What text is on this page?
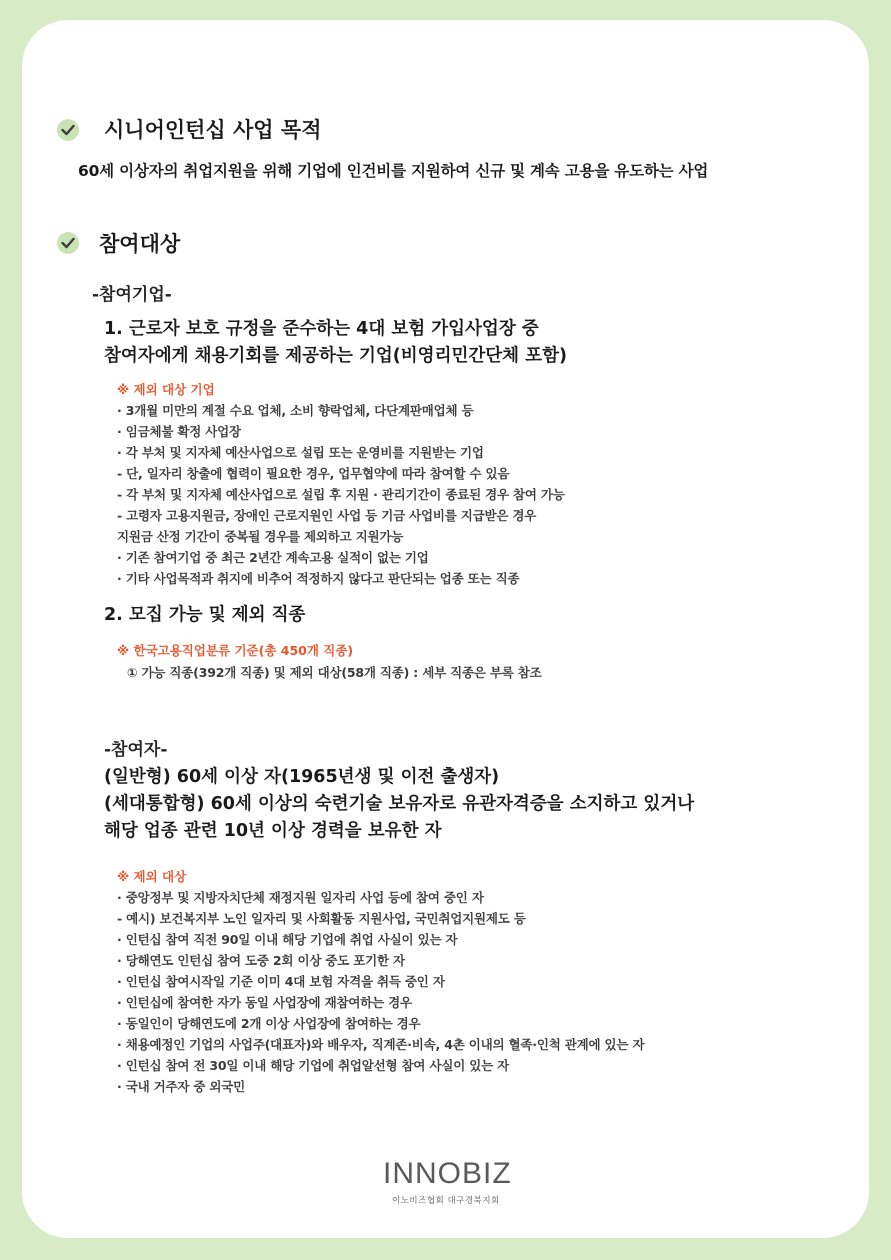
시니어인턴십 사업 목적
60세 이상자의 취업지원을 위해 기업에 인건비를 지원하여 신규 및 계속 고용을 유도하는 사업
참여대상
-참여기업-
1. 근로자 보호 규정을 준수하는 4대 보험 가입사업장 중
참여자에게 채용기회를 제공하는 기업(비영리민간단체 포함)
※ 제외 대상 기업
· 3개월 미만의 계절 수요 업체, 소비 향락업체, 다단계판매업체 등
· 임금체불 확정 사업장
· 각 부처 및 지자체 예산사업으로 설립 또는 운영비를 지원받는 기업
- 단, 일자리 창출에 협력이 필요한 경우, 업무협약에 따라 참여할 수 있음
- 각 부처 및 지자체 예산사업으로 설립 후 지원 · 관리기간이 종료된 경우 참여 가능
- 고령자 고용지원금, 장애인 근로지원인 사업 등 기금 사업비를 지급받은 경우
지원금 산정 기간이 중복될 경우를 제외하고 지원가능
· 기존 참여기업 중 최근 2년간 계속고용 실적이 없는 기업
· 기타 사업목적과 취지에 비추어 적정하지 않다고 판단되는 업종 또는 직종
2. 모집 가능 및 제외 직종
※ 한국고용직업분류 기준(총 450개 직종)
① 가능 직종(392개 직종) 및 제외 대상(58개 직종) : 세부 직종은 부록 참조
-참여자-
(일반형) 60세 이상 자(1965년생 및 이전 출생자)
(세대통합형) 60세 이상의 숙련기술 보유자로 유관자격증을 소지하고 있거나
해당 업종 관련 10년 이상 경력을 보유한 자
※ 제외 대상
· 중앙정부 및 지방자치단체 재정지원 일자리 사업 등에 참여 중인 자
- 예시) 보건복지부 노인 일자리 및 사회활동 지원사업, 국민취업지원제도 등
· 인턴십 참여 직전 90일 이내 해당 기업에 취업 사실이 있는 자
· 당해연도 인턴십 참여 도중 2회 이상 중도 포기한 자
· 인턴십 참여시작일 기준 이미 4대 보험 자격을 취득 중인 자
· 인턴십에 참여한 자가 동일 사업장에 재참여하는 경우
· 동일인이 당해연도에 2개 이상 사업장에 참여하는 경우
· 채용예정인 기업의 사업주(대표자)와 배우자, 직계존·비속, 4촌 이내의 혈족·인척 관계에 있는 자
· 인턴십 참여 전 30일 이내 해당 기업에 취업알선형 참여 사실이 있는 자
· 국내 거주자 중 외국민
INNOBIZ
이노비즈협회 대구경북지회
